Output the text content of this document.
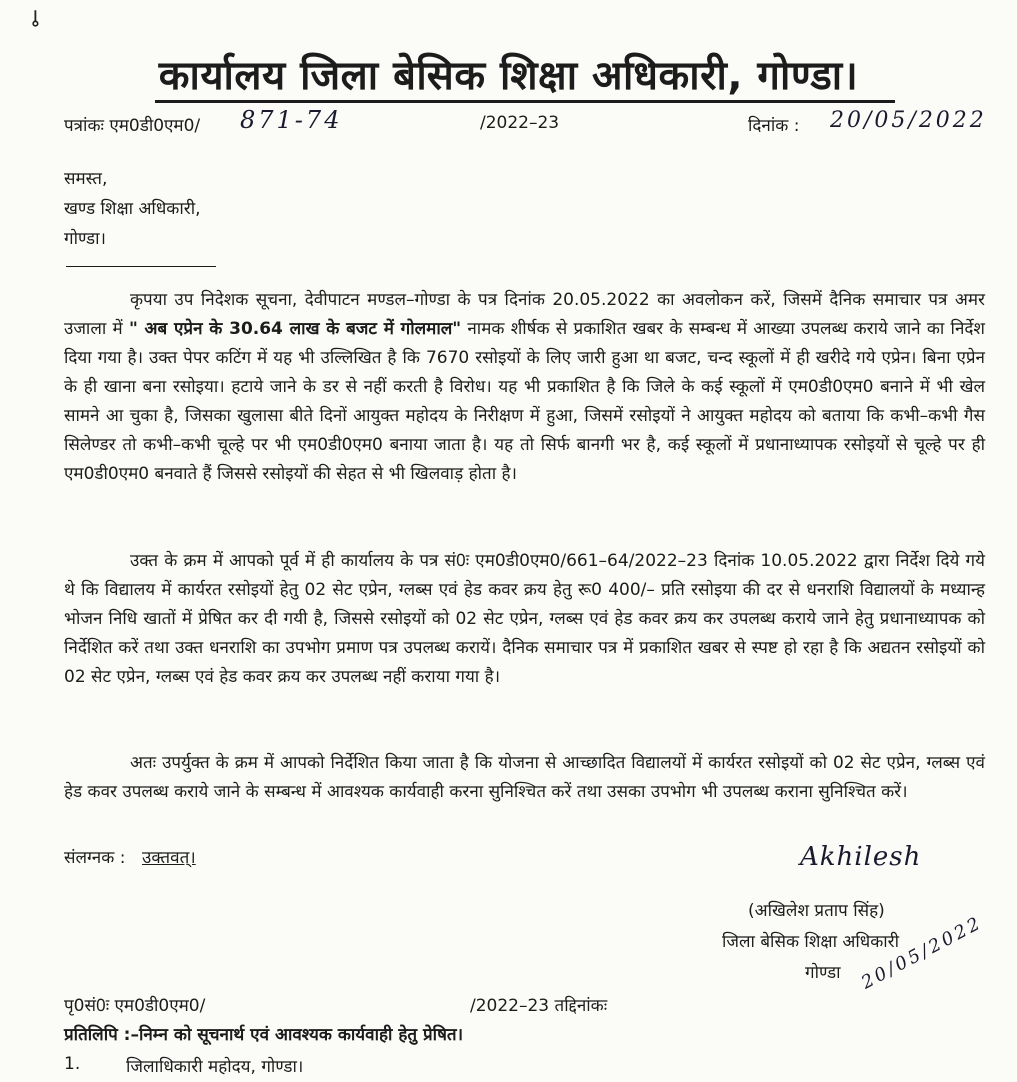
⊸
कार्यालय जिला बेसिक शिक्षा अधिकारी, गोण्डा।
पत्रांकः एम0डी0एम0/ 871-74	/2022–23	दिनांक : 20/05/2022
समस्त,
खण्ड शिक्षा अधिकारी,
गोण्डा।

कृपया उप निदेशक सूचना, देवीपाटन मण्डल–गोण्डा के पत्र दिनांक 20.05.2022 का अवलोकन करें, जिसमें दैनिक समाचार पत्र अमर उजाला में " अब एप्रेन के 30.64 लाख के बजट में गोलमाल" नामक शीर्षक से प्रकाशित खबर के सम्बन्ध में आख्या उपलब्ध कराये जाने का निर्देश दिया गया है। उक्त पेपर कटिंग में यह भी उल्लिखित है कि 7670 रसोइयों के लिए जारी हुआ था बजट, चन्द स्कूलों में ही खरीदे गये एप्रेन। बिना एप्रेन के ही खाना बना रसोइया। हटाये जाने के डर से नहीं करती है विरोध। यह भी प्रकाशित है कि जिले के कई स्कूलों में एम0डी0एम0 बनाने में भी खेल सामने आ चुका है, जिसका खुलासा बीते दिनों आयुक्त महोदय के निरीक्षण में हुआ, जिसमें रसोइयों ने आयुक्त महोदय को बताया कि कभी–कभी गैस सिलेण्डर तो कभी–कभी चूल्हे पर भी एम0डी0एम0 बनाया जाता है। यह तो सिर्फ बानगी भर है, कई स्कूलों में प्रधानाध्यापक रसोइयों से चूल्हे पर ही एम0डी0एम0 बनवाते हैं जिससे रसोइयों की सेहत से भी खिलवाड़ होता है।

उक्त के क्रम में आपको पूर्व में ही कार्यालय के पत्र सं0ः एम0डी0एम0/661–64/2022–23 दिनांक 10.05.2022 द्वारा निर्देश दिये गये थे कि विद्यालय में कार्यरत रसोइयों हेतु 02 सेट एप्रेन, ग्लब्स एवं हेड कवर क्रय हेतु रू0 400/– प्रति रसोइया की दर से धनराशि विद्यालयों के मध्यान्ह भोजन निधि खातों में प्रेषित कर दी गयी है, जिससे रसोइयों को 02 सेट एप्रेन, ग्लब्स एवं हेड कवर क्रय कर उपलब्ध कराये जाने हेतु प्रधानाध्यापक को निर्देशित करें तथा उक्त धनराशि का उपभोग प्रमाण पत्र उपलब्ध करायें। दैनिक समाचार पत्र में प्रकाशित खबर से स्पष्ट हो रहा है कि अद्यतन रसोइयों को 02 सेट एप्रेन, ग्लब्स एवं हेड कवर क्रय कर उपलब्ध नहीं कराया गया है।

अतः उपर्युक्त के क्रम में आपको निर्देशित किया जाता है कि योजना से आच्छादित विद्यालयों में कार्यरत रसोइयों को 02 सेट एप्रेन, ग्लब्स एवं हेड कवर उपलब्ध कराये जाने के सम्बन्ध में आवश्यक कार्यवाही करना सुनिश्चित करें तथा उसका उपभोग भी उपलब्ध कराना सुनिश्चित करें।

संलग्नक : उक्तवत्।	Akhilesh
(अखिलेश प्रताप सिंह)
जिला बेसिक शिक्षा अधिकारी
गोण्डा 20/05/2022
पृ0सं0ः एम0डी0एम0/	/2022–23 तद्दिनांकः
प्रतिलिपि :–निम्न को सूचनार्थ एवं आवश्यक कार्यवाही हेतु प्रेषित।
1.	जिलाधिकारी महोदय, गोण्डा।
